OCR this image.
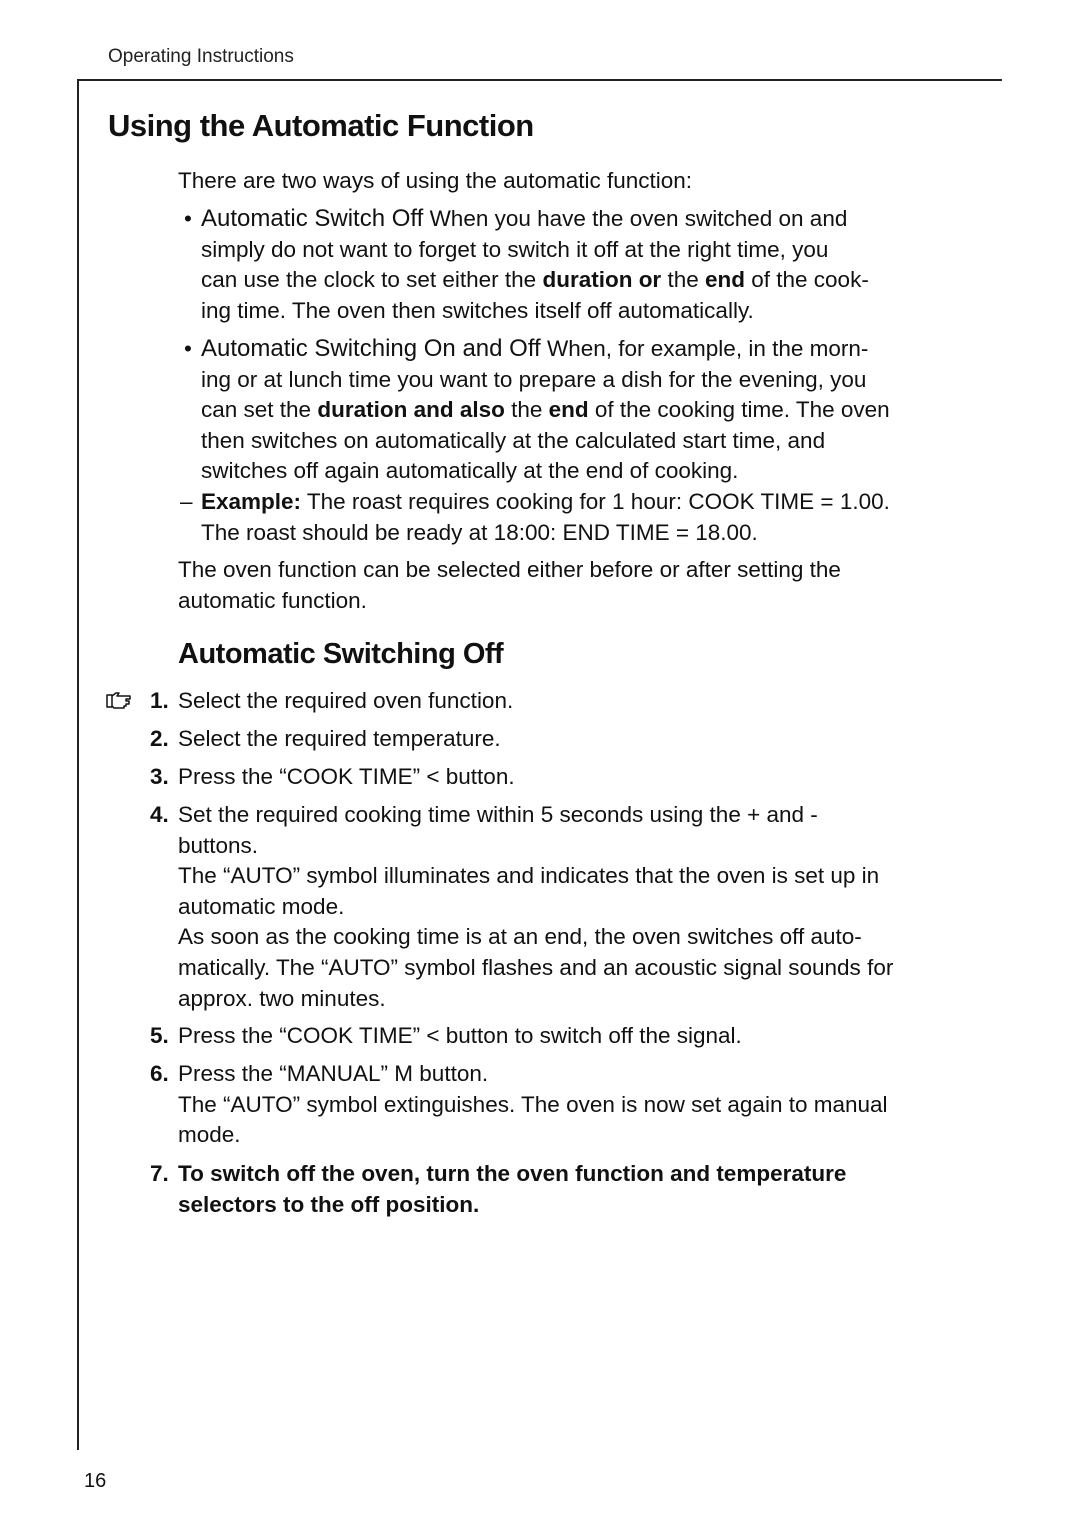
Operating Instructions
Using the Automatic Function
There are two ways of using the automatic function:
• Automatic Switch Off When you have the oven switched on and
simply do not want to forget to switch it off at the right time, you
can use the clock to set either the duration or the end of the cook-
ing time. The oven then switches itself off automatically.
• Automatic Switching On and Off When, for example, in the morn-
ing or at lunch time you want to prepare a dish for the evening, you
can set the duration and also the end of the cooking time. The oven
then switches on automatically at the calculated start time, and
switches off again automatically at the end of cooking.
– Example: The roast requires cooking for 1 hour: COOK TIME = 1.00.
The roast should be ready at 18:00: END TIME = 18.00.
The oven function can be selected either before or after setting the
automatic function.
Automatic Switching Off
1. Select the required oven function.
2. Select the required temperature.
3. Press the “COOK TIME” < button.
4. Set the required cooking time within 5 seconds using the + and -
buttons.
The “AUTO” symbol illuminates and indicates that the oven is set up in
automatic mode.
As soon as the cooking time is at an end, the oven switches off auto-
matically. The “AUTO” symbol flashes and an acoustic signal sounds for
approx. two minutes.
5. Press the “COOK TIME” < button to switch off the signal.
6. Press the “MANUAL” M button.
The “AUTO” symbol extinguishes. The oven is now set again to manual
mode.
7. To switch off the oven, turn the oven function and temperature
selectors to the off position.
16
